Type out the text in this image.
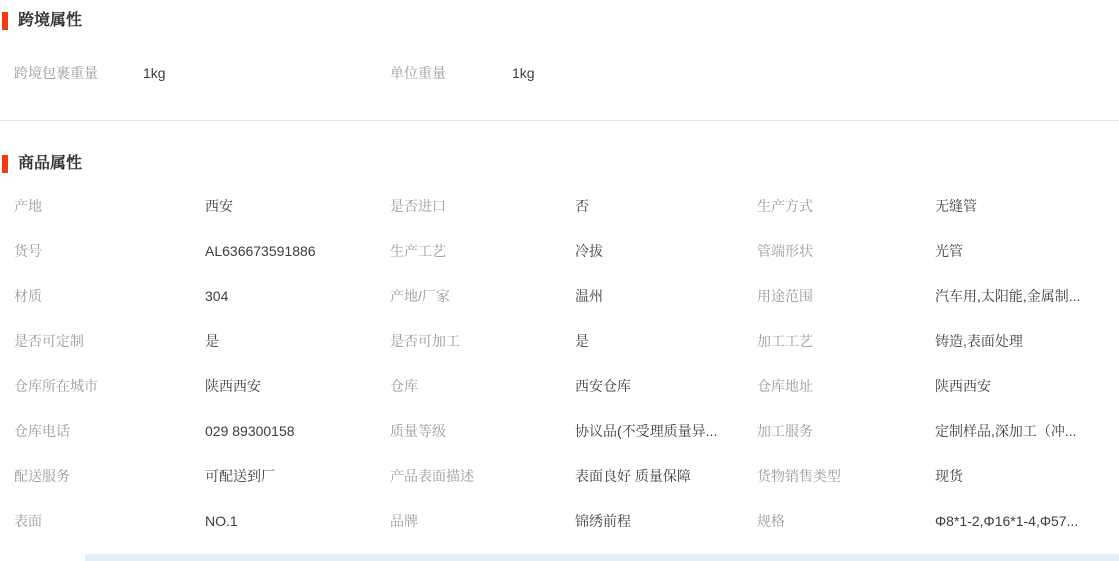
跨境属性
跨境包裹重量	1kg	单位重量	1kg
商品属性
产地	西安	是否进口	否	生产方式	无缝管
货号	AL636673591886	生产工艺	冷拔	管端形状	光管
材质	304	产地/厂家	温州	用途范围	汽车用,太阳能,金属制...
是否可定制	是	是否可加工	是	加工工艺	铸造,表面处理
仓库所在城市	陕西西安	仓库	西安仓库	仓库地址	陕西西安
仓库电话	029 89300158	质量等级	协议品(不受理质量异...	加工服务	定制样品,深加工（冲...
配送服务	可配送到厂	产品表面描述	表面良好 质量保障	货物销售类型	现货
表面	NO.1	品牌	锦绣前程	规格	Φ8*1-2,Φ16*1-4,Φ57...
